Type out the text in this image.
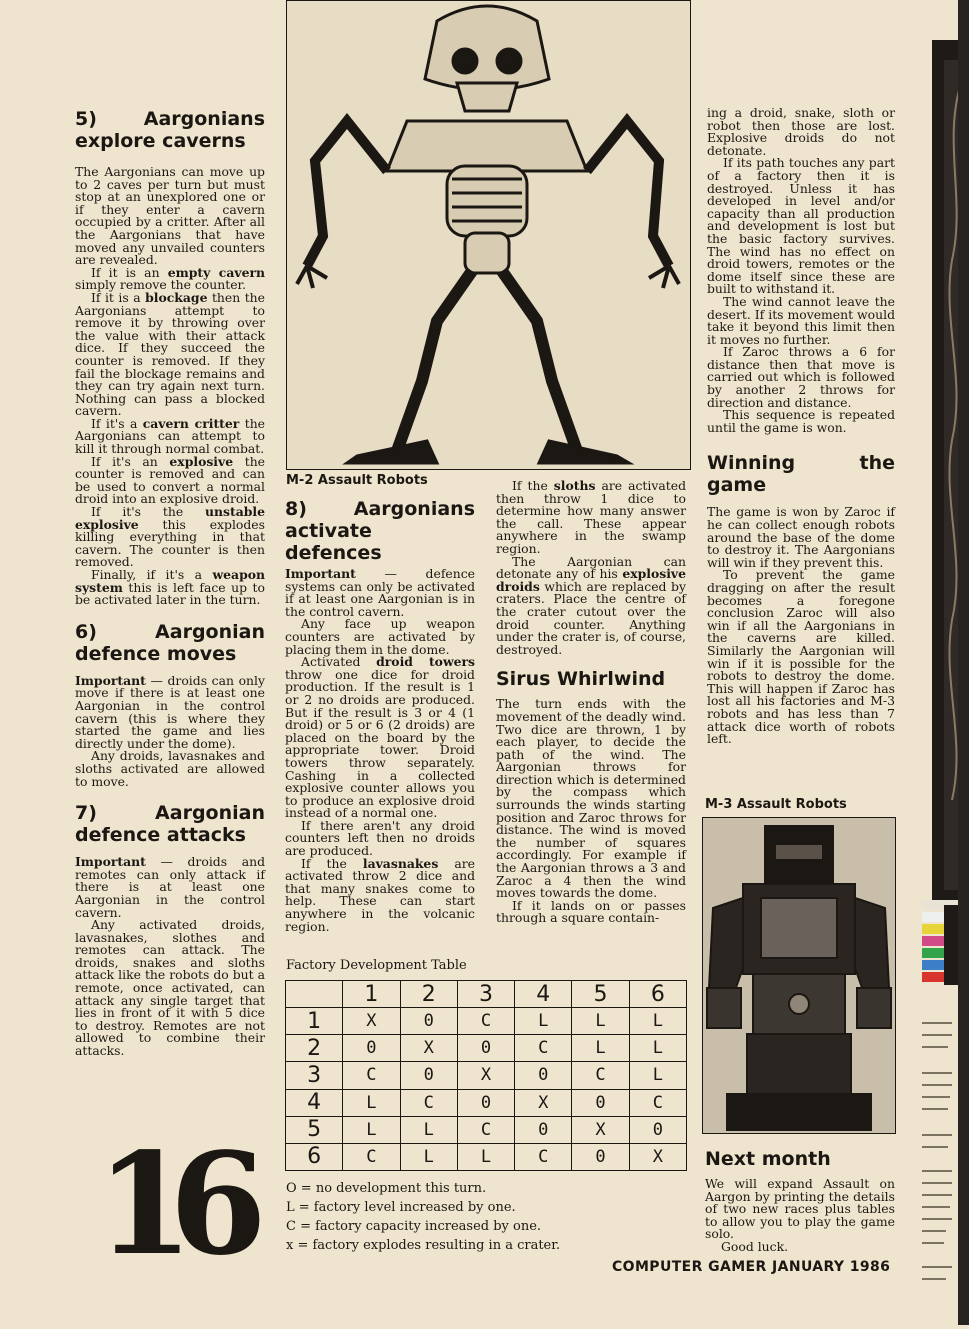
5) Aargonians explore caverns

The Aargonians can move up to 2 caves per turn but must stop at an unexplored one or if they enter a cavern occupied by a critter. After all the Aargonians that have moved any unvailed counters are revealed.

If it is an empty cavern simply remove the counter.

If it is a blockage then the Aargonians attempt to remove it by throwing over the value with their attack dice. If they succeed the counter is removed. If they fail the blockage remains and they can try again next turn. Nothing can pass a blocked cavern.

If it's a cavern critter the Aargonians can attempt to kill it through normal combat.

If it's an explosive the counter is removed and can be used to convert a normal droid into an explosive droid.

If it's the unstable explosive this explodes killing everything in that cavern. The counter is then removed.

Finally, if it's a weapon system this is left face up to be activated later in the turn.

6) Aargonian defence moves

Important — droids can only move if there is at least one Aargonian in the control cavern (this is where they started the game and lies directly under the dome).

Any droids, lavasnakes and sloths activated are allowed to move.

7) Aargonian defence attacks

Important — droids and remotes can only attack if there is at least one Aargonian in the control cavern.

Any activated droids, lavasnakes, slothes and remotes can attack. The droids, snakes and sloths attack like the robots do but a remote, once activated, can attack any single target that lies in front of it with 5 dice to destroy. Remotes are not allowed to combine their attacks.

16
M-2 Assault Robots
8) Aargonians activate defences

Important — defence systems can only be activated if at least one Aargonian is in the control cavern.

Any face up weapon counters are activated by placing them in the dome.

Activated droid towers throw one dice for droid production. If the result is 1 or 2 no droids are produced. But if the result is 3 or 4 (1 droid) or 5 or 6 (2 droids) are placed on the board by the appropriate tower. Droid towers throw separately. Cashing in a collected explosive counter allows you to produce an explosive droid instead of a normal one.

If there aren't any droid counters left then no droids are produced.

If the lavasnakes are activated throw 2 dice and that many snakes come to help. These can start anywhere in the volcanic region.

If the sloths are activated then throw 1 dice to determine how many answer the call. These appear anywhere in the swamp region.

The Aargonian can detonate any of his explosive droids which are replaced by craters. Place the centre of the crater cutout over the droid counter. Anything under the crater is, of course, destroyed.

Sirus Whirlwind

The turn ends with the movement of the deadly wind. Two dice are thrown, 1 by each player, to decide the path of the wind. The Aargonian throws for direction which is determined by the compass which surrounds the winds starting position and Zaroc throws for distance. The wind is moved the number of squares accordingly. For example if the Aargonian throws a 3 and Zaroc a 4 then the wind moves towards the dome.

If it lands on or passes through a square contain-

ing a droid, snake, sloth or robot then those are lost. Explosive droids do not detonate.

If its path touches any part of a factory then it is destroyed. Unless it has developed in level and/or capacity than all production and development is lost but the basic factory survives. The wind has no effect on droid towers, remotes or the dome itself since these are built to withstand it.

The wind cannot leave the desert. If its movement would take it beyond this limit then it moves no further.

If Zaroc throws a 6 for distance then that move is carried out which is followed by another 2 throws for direction and distance.

This sequence is repeated until the game is won.

Winning the game

The game is won by Zaroc if he can collect enough robots around the base of the dome to destroy it. The Aargonians will win if they prevent this.

To prevent the game dragging on after the result becomes a foregone conclusion Zaroc will also win if all the Aargonians in the caverns are killed. Similarly the Aargonian will win if it is possible for the robots to destroy the dome. This will happen if Zaroc has lost all his factories and M-3 robots and has less than 7 attack dice worth of robots left.

M-3 Assault Robots
Next month

We will expand Assault on Aargon by printing the details of two new races plus tables to allow you to play the game solo.

Good luck.

Factory Development Table
	1	2	3	4	5	6
1	X	0	C	L	L	L
2	0	X	0	C	L	L
3	C	0	X	0	C	L
4	L	C	0	X	0	C
5	L	L	C	0	X	0
6	C	L	L	C	0	X
O = no development this turn.
L = factory level increased by one.
C = factory capacity increased by one.
x = factory explodes resulting in a crater.
COMPUTER GAMER JANUARY 1986
